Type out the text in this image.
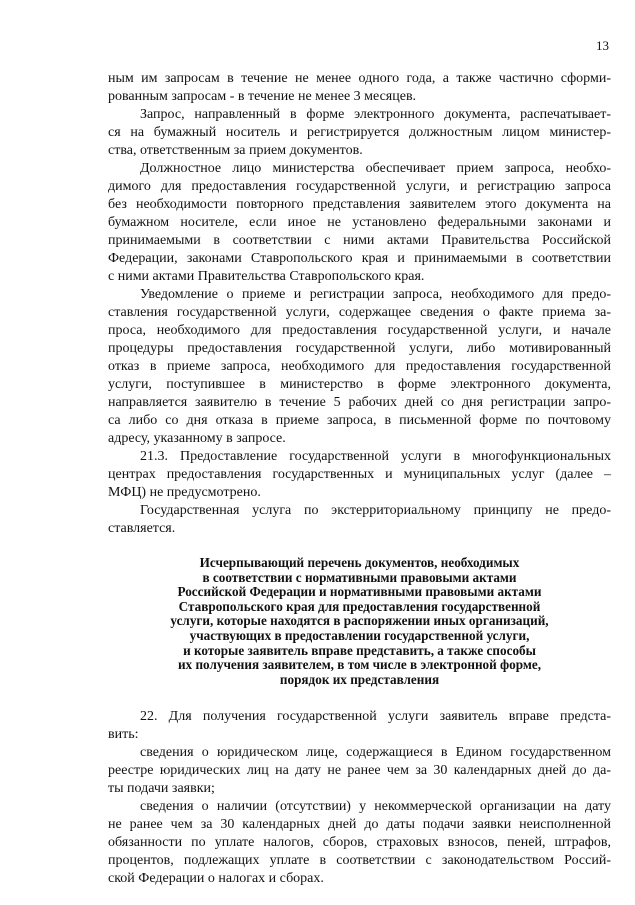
13
ным им запросам в течение не менее одного года, а также частично сформи-
рованным запросам - в течение не менее 3 месяцев.
Запрос, направленный в форме электронного документа, распечатывает-
ся на бумажный носитель и регистрируется должностным лицом министер-
ства, ответственным за прием документов.
Должностное лицо министерства обеспечивает прием запроса, необхо-
димого для предоставления государственной услуги, и регистрацию запроса
без необходимости повторного представления заявителем этого документа на
бумажном носителе, если иное не установлено федеральными законами и
принимаемыми в соответствии с ними актами Правительства Российской
Федерации, законами Ставропольского края и принимаемыми в соответствии
с ними актами Правительства Ставропольского края.
Уведомление о приеме и регистрации запроса, необходимого для предо-
ставления государственной услуги, содержащее сведения о факте приема за-
проса, необходимого для предоставления государственной услуги, и начале
процедуры предоставления государственной услуги, либо мотивированный
отказ в приеме запроса, необходимого для предоставления государственной
услуги, поступившее в министерство в форме электронного документа,
направляется заявителю в течение 5 рабочих дней со дня регистрации запро-
са либо со дня отказа в приеме запроса, в письменной форме по почтовому
адресу, указанному в запросе.
21.3. Предоставление государственной услуги в многофункциональных
центрах предоставления государственных и муниципальных услуг (далее –
МФЦ) не предусмотрено.
Государственная услуга по экстерриториальному принципу не предо-
ставляется.
Исчерпывающий перечень документов, необходимых
в соответствии с нормативными правовыми актами
Российской Федерации и нормативными правовыми актами
Ставропольского края для предоставления государственной
услуги, которые находятся в распоряжении иных организаций,
участвующих в предоставлении государственной услуги,
и которые заявитель вправе представить, а также способы
их получения заявителем, в том числе в электронной форме,
порядок их представления
22. Для получения государственной услуги заявитель вправе предста-
вить:
сведения о юридическом лице, содержащиеся в Едином государственном
реестре юридических лиц на дату не ранее чем за 30 календарных дней до да-
ты подачи заявки;
сведения о наличии (отсутствии) у некоммерческой организации на дату
не ранее чем за 30 календарных дней до даты подачи заявки неисполненной
обязанности по уплате налогов, сборов, страховых взносов, пеней, штрафов,
процентов, подлежащих уплате в соответствии с законодательством Россий-
ской Федерации о налогах и сборах.
